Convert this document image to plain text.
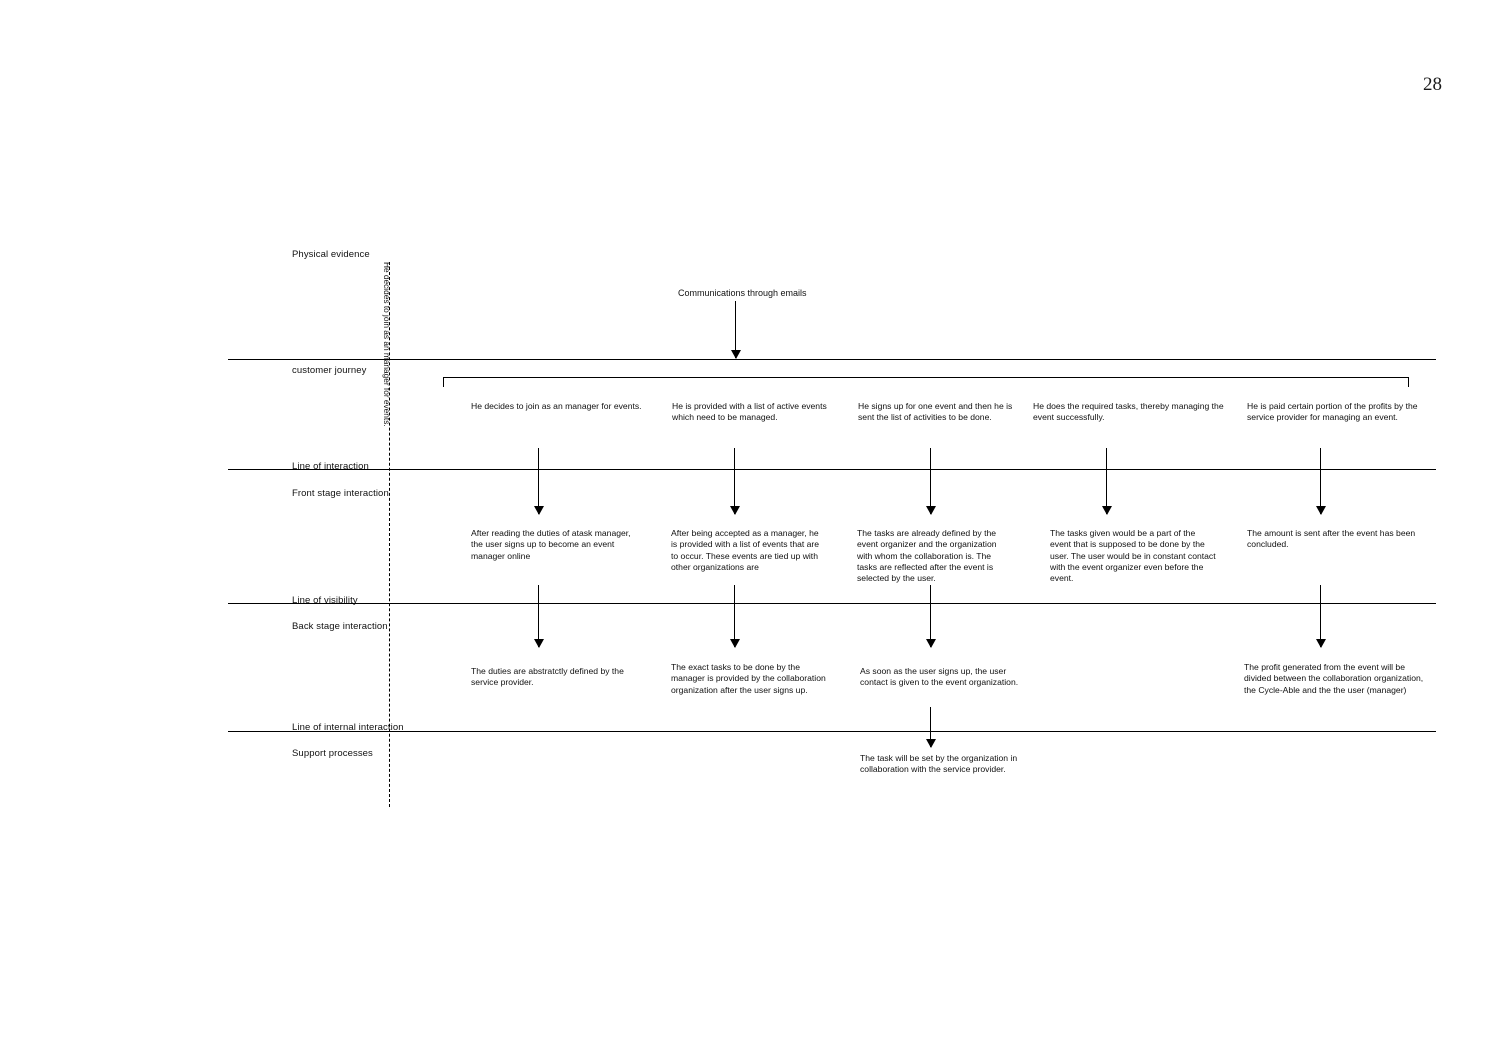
28
Physical evidence
customer journey
Line of interaction
Front stage interaction
Line of visibility
Back stage interaction
Line of internal interaction
Support processes
He decides to join as an manager for events.	Communications through emails
He decides to join as an manager for events.	He is provided with a list of active events which need to be managed.
He signs up for one event and then he is sent the list of activities to be done.
He does the required tasks, thereby managing the event successfully.
He is paid certain portion of the profits by the service provider for managing an event.
After reading the duties of atask manager, the user signs up to become an event manager online
After being accepted as a manager, he is provided with a list of events that are to occur. These events are tied up with other organizations are
The tasks are already defined by the event organizer and the organization with whom the collaboration is. The tasks are reflected after the event is selected by the user.
The tasks given would be a part of the event that is supposed to be done by the user. The user would be in constant contact with the event organizer even before the event.
The amount is sent after the event has been concluded.
The duties are abstratctly defined by the service provider.
The exact tasks to be done by the manager is provided by the collaboration organization after the user signs up.
As soon as the user signs up, the user contact is given to the event organization.
The profit generated from the event will be divided between the collaboration organization, the Cycle-Able and the the user (manager)
The task will be set by the organization in collaboration with the service provider.
